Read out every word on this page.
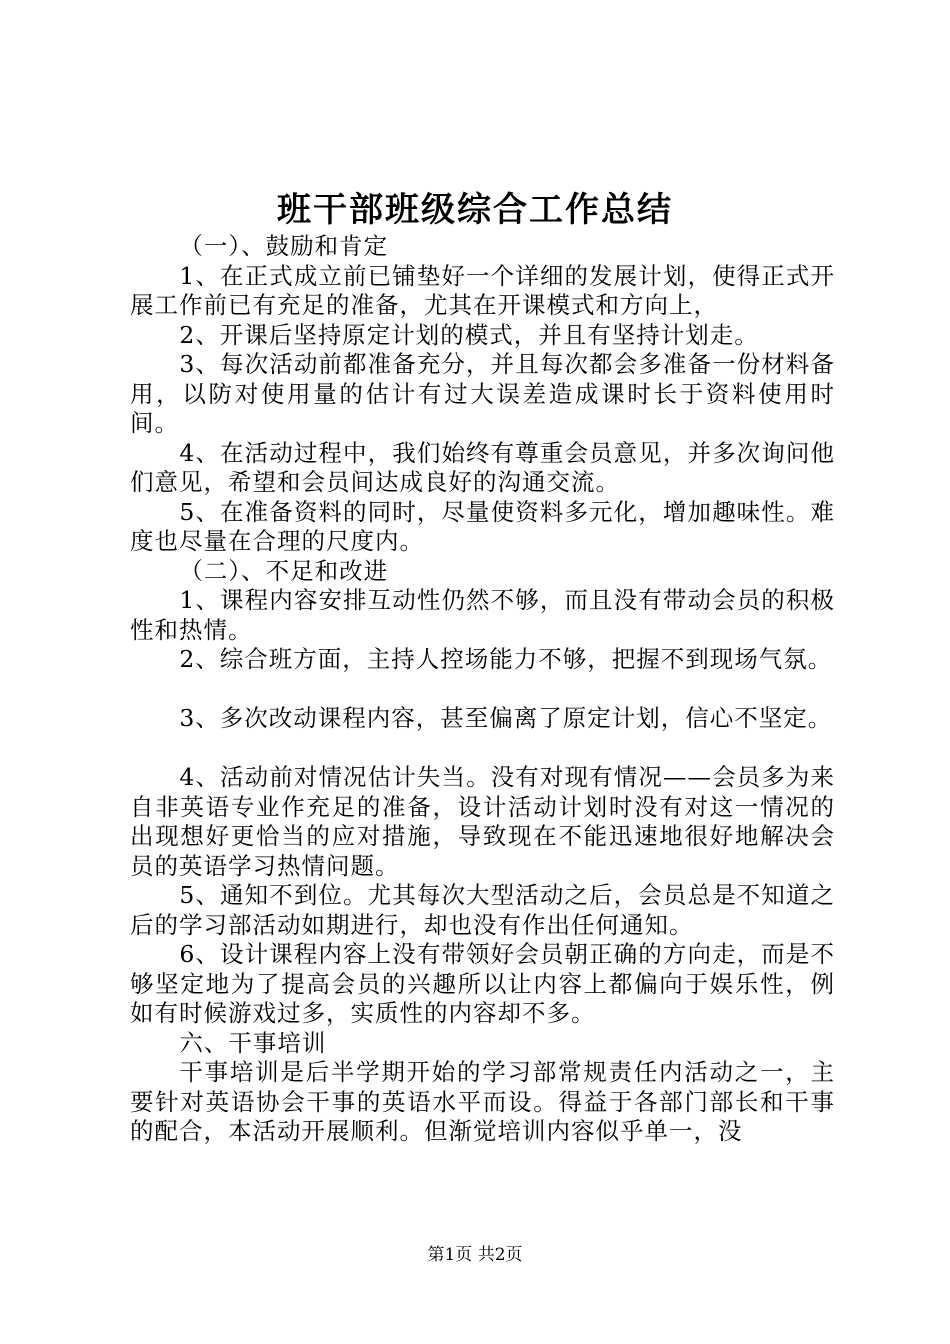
班干部班级综合工作总结

（一）、鼓励和肯定

1、在正式成立前已铺垫好一个详细的发展计划，使得正式开展工作前已有充足的准备，尤其在开课模式和方向上，

2、开课后坚持原定计划的模式，并且有坚持计划走。

3、每次活动前都准备充分，并且每次都会多准备一份材料备用，以防对使用量的估计有过大误差造成课时长于资料使用时间。

4、在活动过程中，我们始终有尊重会员意见，并多次询问他们意见，希望和会员间达成良好的沟通交流。

5、在准备资料的同时，尽量使资料多元化，增加趣味性。难度也尽量在合理的尺度内。

（二）、不足和改进

1、课程内容安排互动性仍然不够，而且没有带动会员的积极性和热情。

2、综合班方面，主持人控场能力不够，把握不到现场气氛。

3、多次改动课程内容，甚至偏离了原定计划，信心不坚定。

4、活动前对情况估计失当。没有对现有情况——会员多为来自非英语专业作充足的准备，设计活动计划时没有对这一情况的出现想好更恰当的应对措施，导致现在不能迅速地很好地解决会员的英语学习热情问题。

5、通知不到位。尤其每次大型活动之后，会员总是不知道之后的学习部活动如期进行，却也没有作出任何通知。

6、设计课程内容上没有带领好会员朝正确的方向走，而是不够坚定地为了提高会员的兴趣所以让内容上都偏向于娱乐性，例如有时候游戏过多，实质性的内容却不多。

六、干事培训

干事培训是后半学期开始的学习部常规责任内活动之一，主要针对英语协会干事的英语水平而设。得益于各部门部长和干事的配合，本活动开展顺利。但渐觉培训内容似乎单一，没

第1页 共2页
